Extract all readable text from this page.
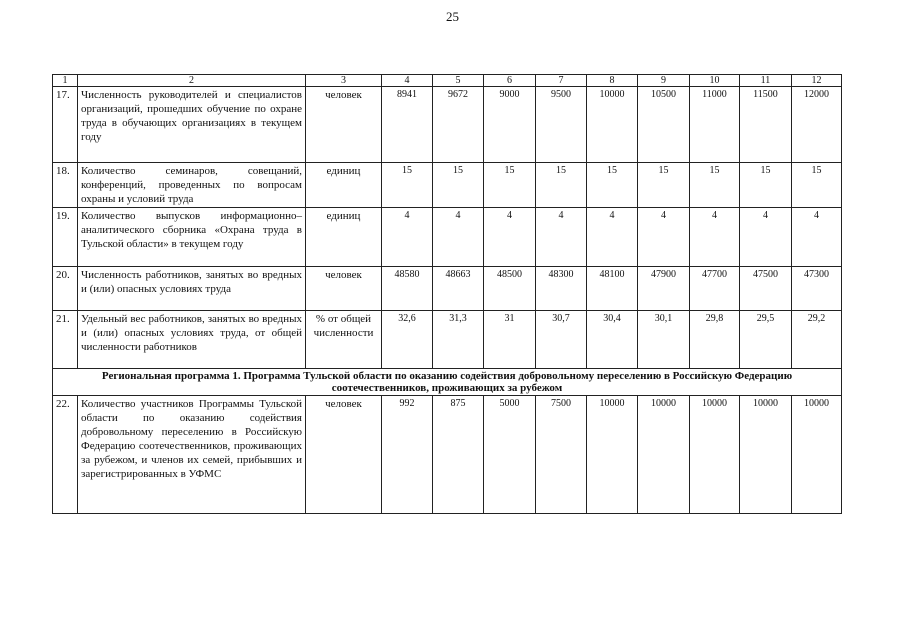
25
1	2	3	4	5	6	7	8	9	10	11	12
17.	Численность руководителей и специалистов организаций, прошедших обучение по охране труда в обучающих организациях в текущем году	человек	8941	9672	9000	9500	10000	10500	11000	11500	12000
18.	Количество семинаров, совещаний, конференций, проведенных по вопросам охраны и условий труда	единиц	15	15	15	15	15	15	15	15	15
19.	Количество выпусков информационно–аналитического сборника «Охрана труда в Тульской области» в текущем году	единиц	4	4	4	4	4	4	4	4	4
20.	Численность работников, занятых во вредных и (или) опасных условиях труда	человек	48580	48663	48500	48300	48100	47900	47700	47500	47300
21.	Удельный вес работников, занятых во вредных и (или) опасных условиях труда, от общей численности работников	% от общей численности	32,6	31,3	31	30,7	30,4	30,1	29,8	29,5	29,2
Региональная программа 1. Программа Тульской области по оказанию содействия добровольному переселению в Российскую Федерацию соотечественников, проживающих за рубежом											
22.	Количество участников Программы Тульской области по оказанию содействия добровольному переселению в Российскую Федерацию соотечественников, проживающих за рубежом, и членов их семей, прибывших и зарегистрированных в УФМС	человек	992	875	5000	7500	10000	10000	10000	10000	10000
